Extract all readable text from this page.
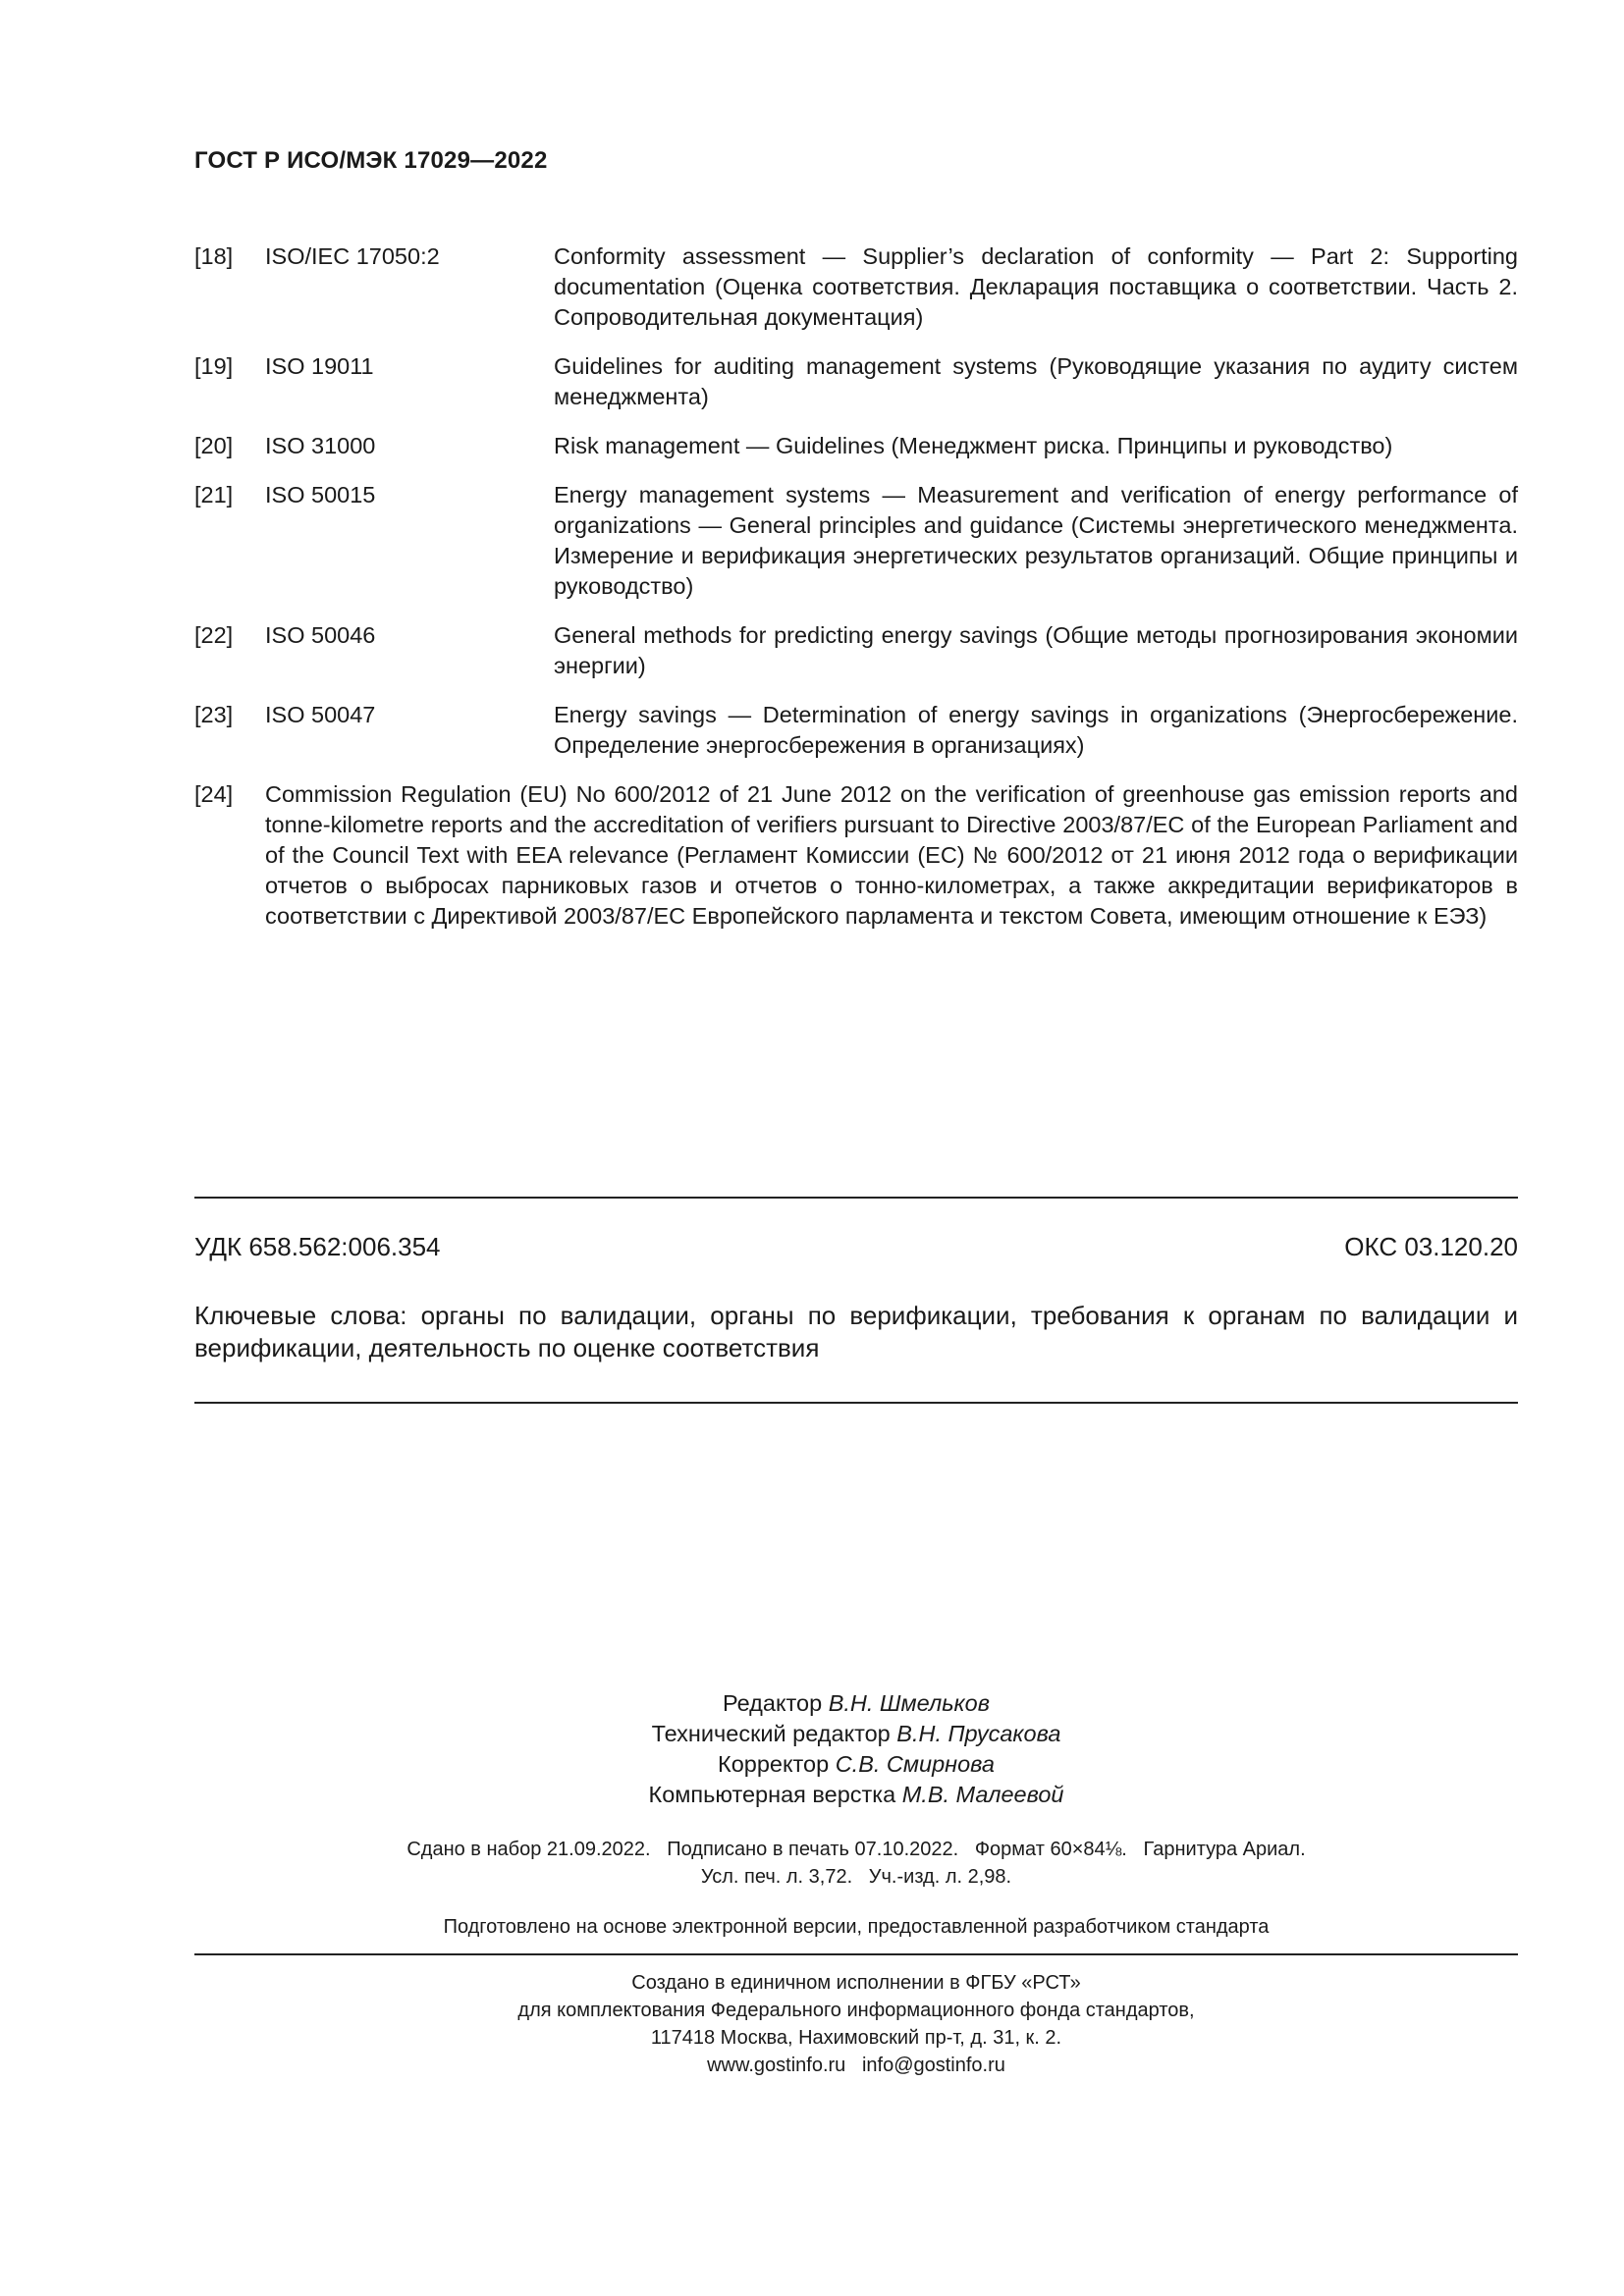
ГОСТ Р ИСО/МЭК 17029—2022
[18]	ISO/IEC 17050:2	Conformity assessment — Supplier’s declaration of conformity — Part 2: Supporting documentation (Оценка соответствия. Декларация поставщика о соответствии. Часть 2. Сопроводительная документация)
[19]	ISO 19011	Guidelines for auditing management systems (Руководящие указания по аудиту систем менеджмента)
[20]	ISO 31000	Risk management — Guidelines (Менеджмент риска. Принципы и руководство)
[21]	ISO 50015	Energy management systems — Measurement and verification of energy performance of organizations — General principles and guidance (Системы энергетического менеджмента. Измерение и верификация энергетических результатов организаций. Общие принципы и руководство)
[22]	ISO 50046	General methods for predicting energy savings (Общие методы прогнозирования экономии энергии)
[23]	ISO 50047	Energy savings — Determination of energy savings in organizations (Энергосбережение. Определение энергосбережения в организациях)
[24]	Commission Regulation (EU) No 600/2012 of 21 June 2012 on the verification of greenhouse gas emission reports and tonne-kilometre reports and the accreditation of verifiers pursuant to Directive 2003/87/EC of the European Parliament and of the Council Text with EEA relevance (Регламент Комиссии (ЕС) № 600/2012 от 21 июня 2012 года о верификации отчетов о выбросах парниковых газов и отчетов о тонно-километрах, а также аккредитации верификаторов в соответствии с Директивой 2003/87/ЕС Европейского парламента и текстом Совета, имеющим отношение к ЕЭЗ)
УДК 658.562:006.354	ОКС 03.120.20
Ключевые слова: органы по валидации, органы по верификации, требования к органам по валидации и верификации, деятельность по оценке соответствия
Редактор В.Н. Шмельков
Технический редактор В.Н. Прусакова
Корректор С.В. Смирнова
Компьютерная верстка М.В. Малеевой
Сдано в набор 21.09.2022.   Подписано в печать 07.10.2022.   Формат 60×84⅛.   Гарнитура Ариал.
Усл. печ. л. 3,72.   Уч.-изд. л. 2,98.
Подготовлено на основе электронной версии, предоставленной разработчиком стандарта
Создано в единичном исполнении в ФГБУ «РСТ»
для комплектования Федерального информационного фонда стандартов,
117418 Москва, Нахимовский пр-т, д. 31, к. 2.
www.gostinfo.ru   info@gostinfo.ru
